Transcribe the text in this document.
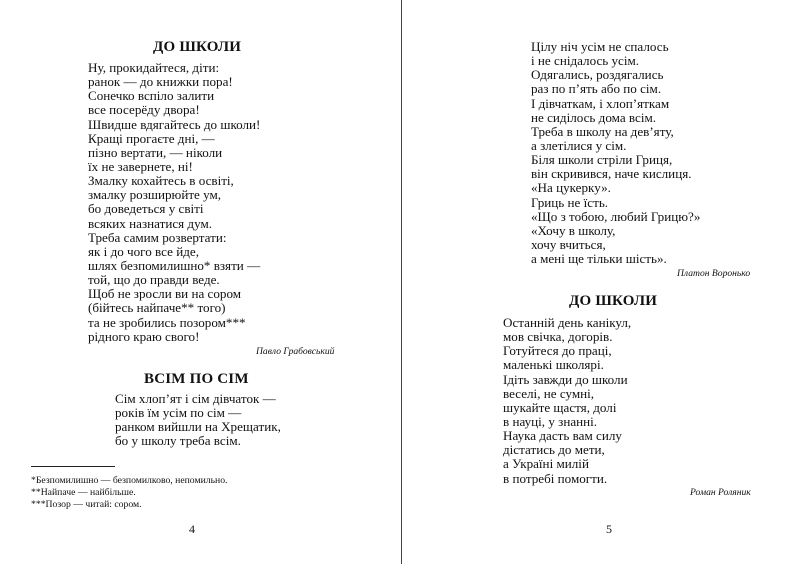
ДО ШКОЛИ
Ну, прокидайтеся, діти:
ранок — до книжки пора!
Сонечко вспіло залити
все посерёду двора!
Швидше вдягайтесь до школи!
Кращі прогаєте дні, —
пізно вертати, — ніколи
їх не завернете, ні!
Змалку кохайтесь в освіті,
змалку розширюйте ум,
бо доведеться у світі
всяких назнатися дум.
Треба самим розвертати:
як і до чого все йде,
шлях безпомилишно* взяти —
той, що до правди веде.
Щоб не зросли ви на сором
(бійтесь найпаче** того)
та не зробились позором***
рідного краю свого!
Павло Грабовський
ВСІМ ПО СІМ
Сім хлоп’ят і сім дівчаток —
років їм усім по сім —
ранком вийшли на Хрещатик,
бо у школу треба всім.
*Безпомилишно — безпомилково, непомильно.
**Найпаче — найбільше.
***Позор — читай: сором.
4
Цілу ніч усім не спалось
і не снідалось усім.
Одягались, роздягались
раз по п’ять або по сім.
І дівчаткам, і хлоп’яткам
не сиділось дома всім.
Треба в школу на дев’яту,
а злетілися у сім.
Біля школи стріли Гриця,
він скривився, наче кислиця.
«На цукерку».
Гриць не їсть.
«Що з тобою, любий Грицю?»
«Хочу в школу,
хочу вчиться,
а мені ще тільки шість».
Платон Воронько
ДО ШКОЛИ
Останній день канікул,
мов свічка, догорів.
Готуйтеся до праці,
маленькі школярі.
Ідіть завжди до школи
веселі, не сумні,
шукайте щастя, долі
в науці, у знанні.
Наука дасть вам силу
дістатись до мети,
а Україні милій
в потребі помогти.
Роман Роляник
5
